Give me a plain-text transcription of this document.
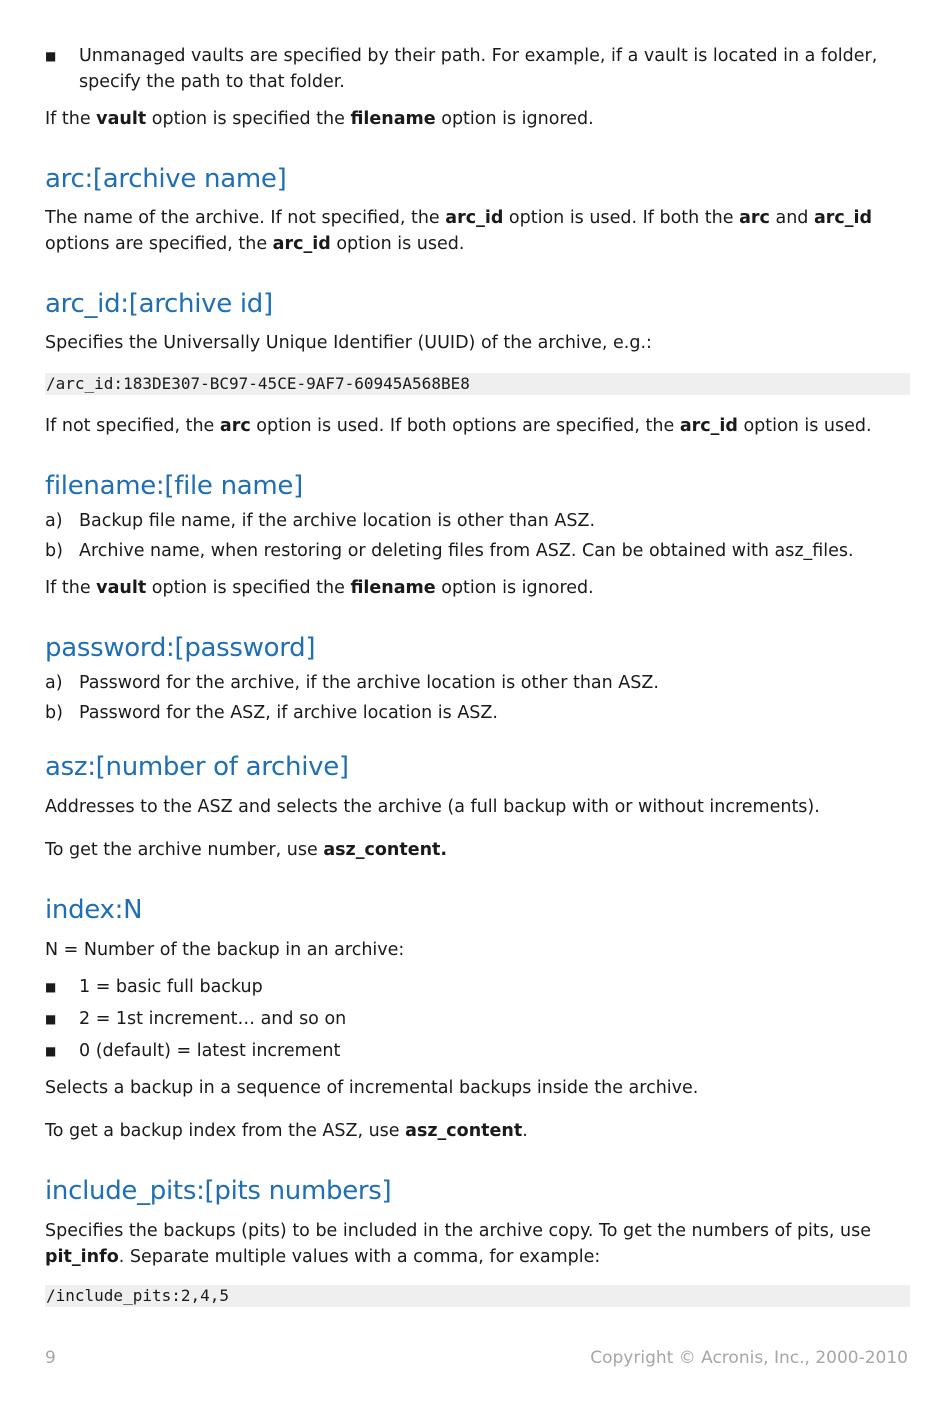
■ Unmanaged vaults are specified by their path. For example, if a vault is located in a folder, specify the path to that folder.

If the vault option is specified the filename option is ignored.

arc:[archive name]

The name of the archive. If not specified, the arc_id option is used. If both the arc and arc_id options are specified, the arc_id option is used.

arc_id:[archive id]

Specifies the Universally Unique Identifier (UUID) of the archive, e.g.:

/arc_id:183DE307-BC97-45CE-9AF7-60945A568BE8

If not specified, the arc option is used. If both options are specified, the arc_id option is used.

filename:[file name]
a) Backup file name, if the archive location is other than ASZ.
b) Archive name, when restoring or deleting files from ASZ. Can be obtained with asz_files.

If the vault option is specified the filename option is ignored.

password:[password]
a) Password for the archive, if the archive location is other than ASZ.
b) Password for the ASZ, if archive location is ASZ.
asz:[number of archive]

Addresses to the ASZ and selects the archive (a full backup with or without increments).

To get the archive number, use asz_content.

index:N

N = Number of the backup in an archive:

■ 1 = basic full backup
■ 2 = 1st increment… and so on
■ 0 (default) = latest increment

Selects a backup in a sequence of incremental backups inside the archive.

To get a backup index from the ASZ, use asz_content.

include_pits:[pits numbers]

Specifies the backups (pits) to be included in the archive copy. To get the numbers of pits, use pit_info. Separate multiple values with a comma, for example:

/include_pits:2,4,5
9	Copyright © Acronis, Inc., 2000-2010
